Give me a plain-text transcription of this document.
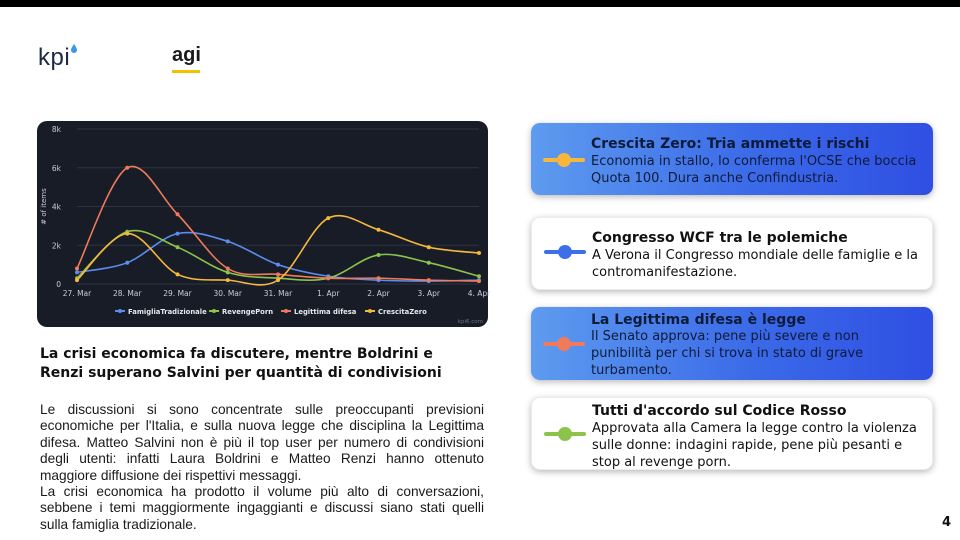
kpi	agi
0
2k
4k
6k
8k
# of items
27. Mar	28. Mar	29. Mar	30. Mar	31. Mar	1. Apr	2. Apr	3. Apr	4. Apr
FamigliaTradizionale RevengePorn	Legittima difesa	CrescitaZero
kpi6.com
La crisi economica fa discutere, mentre Boldrini e Renzi superano Salvini per quantità di condivisioni

Le discussioni si sono concentrate sulle preoccupanti previsioni economiche per l'Italia, e sulla nuova legge che disciplina la Legittima difesa. Matteo Salvini non è più il top user per numero di condivisioni degli utenti: infatti Laura Boldrini e Matteo Renzi hanno ottenuto maggiore diffusione dei rispettivi messaggi.

La crisi economica ha prodotto il volume più alto di conversazioni, sebbene i temi maggiormente ingaggianti e discussi siano stati quelli sulla famiglia tradizionale.

Crescita Zero: Tria ammette i rischi
Economia in stallo, lo conferma l'OCSE che boccia Quota 100. Dura anche Confindustria.
Congresso WCF tra le polemiche
A Verona il Congresso mondiale delle famiglie e la contromanifestazione.
La Legittima difesa è legge
Il Senato approva: pene più severe e non punibilità per chi si trova in stato di grave turbamento.
Tutti d'accordo sul Codice Rosso
Approvata alla Camera la legge contro la violenza sulle donne: indagini rapide, pene più pesanti e stop al revenge porn.
4
